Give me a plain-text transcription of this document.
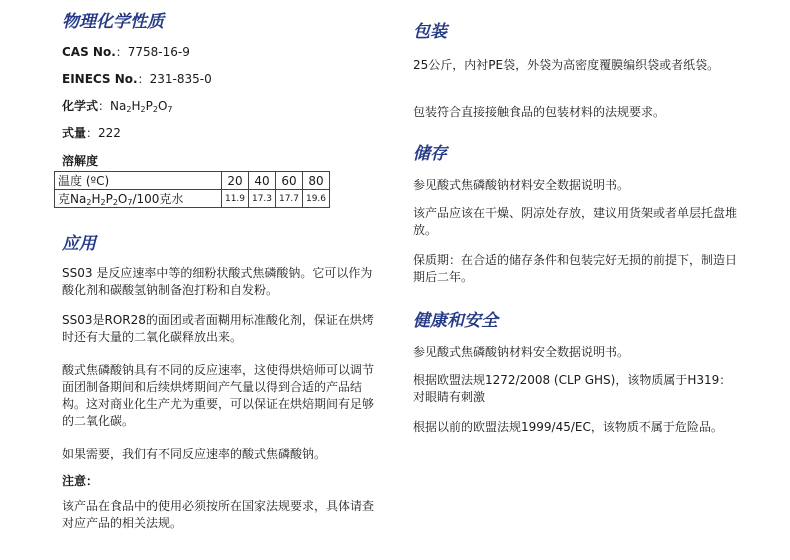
物理化学性质

CAS No.：7758-16-9

EINECS No.：231-835-0

化学式：$Na_2H_2P_2O_7$

式量：222

溶解度

温度 (ºC)	20	40	60	80
克$Na_2H_2P_2O_7/100$克水	11.9	17.3	17.7	19.6
应用

SS03 是反应速率中等的细粉状酸式焦磷酸钠。它可以作为酸化剂和碳酸氢钠制备泡打粉和自发粉。

SS03是ROR28的面团或者面糊用标准酸化剂，保证在烘烤时还有大量的二氧化碳释放出来。

酸式焦磷酸钠具有不同的反应速率，这使得烘焙师可以调节面团制备期间和后续烘烤期间产气量以得到合适的产品结构。这对商业化生产尤为重要，可以保证在烘焙期间有足够的二氧化碳。

如果需要，我们有不同反应速率的酸式焦磷酸钠。

注意：

该产品在食品中的使用必须按所在国家法规要求，具体请查对应产品的相关法规。

包装

25公斤，内衬PE袋，外袋为高密度覆膜编织袋或者纸袋。

包装符合直接接触食品的包装材料的法规要求。

储存

参见酸式焦磷酸钠材料安全数据说明书。

该产品应该在干燥、阴凉处存放，建议用货架或者单层托盘堆放。

保质期：在合适的储存条件和包装完好无损的前提下，制造日期后二年。

健康和安全

参见酸式焦磷酸钠材料安全数据说明书。

根据欧盟法规1272/2008 (CLP GHS)，该物质属于H319：对眼睛有刺激

根据以前的欧盟法规1999/45/EC，该物质不属于危险品。
